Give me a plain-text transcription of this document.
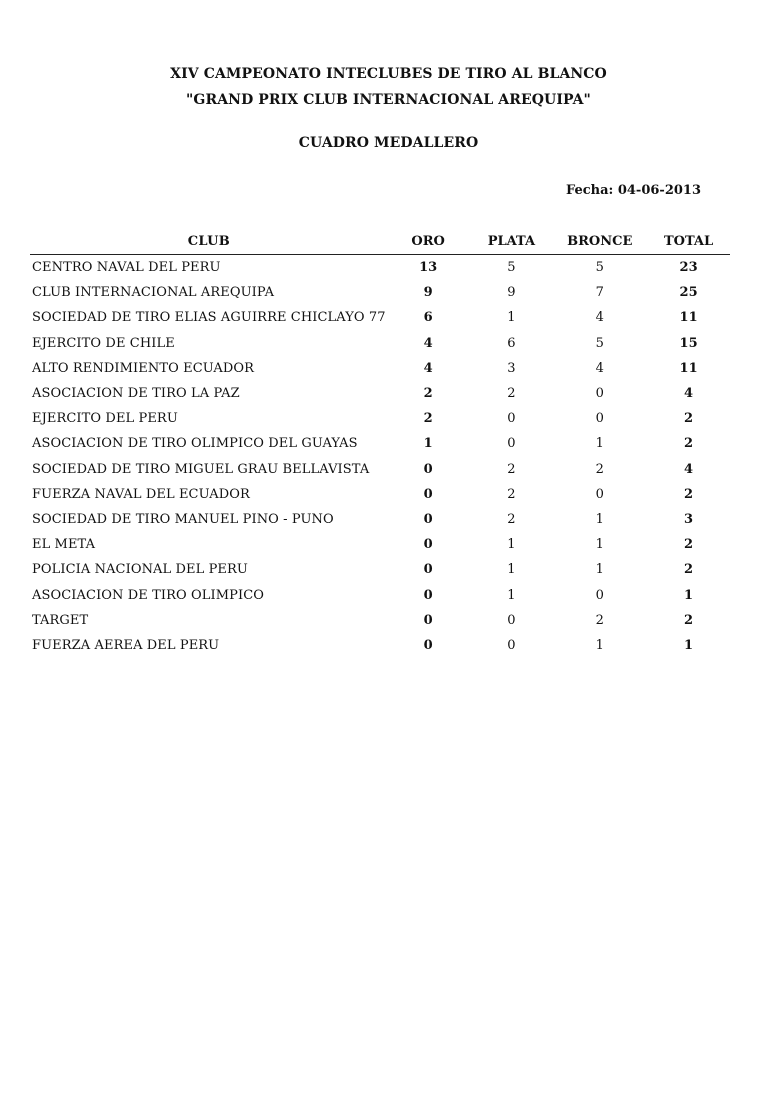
XIV CAMPEONATO INTECLUBES DE TIRO AL BLANCO
"GRAND PRIX CLUB INTERNACIONAL AREQUIPA"
CUADRO MEDALLERO
Fecha: 04-06-2013
CLUB	ORO	PLATA	BRONCE	TOTAL
CENTRO NAVAL DEL PERU	13	5	5	23
CLUB INTERNACIONAL AREQUIPA	9	9	7	25
SOCIEDAD DE TIRO ELIAS AGUIRRE CHICLAYO 77	6	1	4	11
EJERCITO DE CHILE	4	6	5	15
ALTO RENDIMIENTO ECUADOR	4	3	4	11
ASOCIACION DE TIRO LA PAZ	2	2	0	4
EJERCITO DEL PERU	2	0	0	2
ASOCIACION DE TIRO OLIMPICO DEL GUAYAS	1	0	1	2
SOCIEDAD DE TIRO MIGUEL GRAU BELLAVISTA	0	2	2	4
FUERZA NAVAL DEL ECUADOR	0	2	0	2
SOCIEDAD DE TIRO MANUEL PINO - PUNO	0	2	1	3
EL META	0	1	1	2
POLICIA NACIONAL DEL PERU	0	1	1	2
ASOCIACION DE TIRO OLIMPICO	0	1	0	1
TARGET	0	0	2	2
FUERZA AEREA DEL PERU	0	0	1	1
